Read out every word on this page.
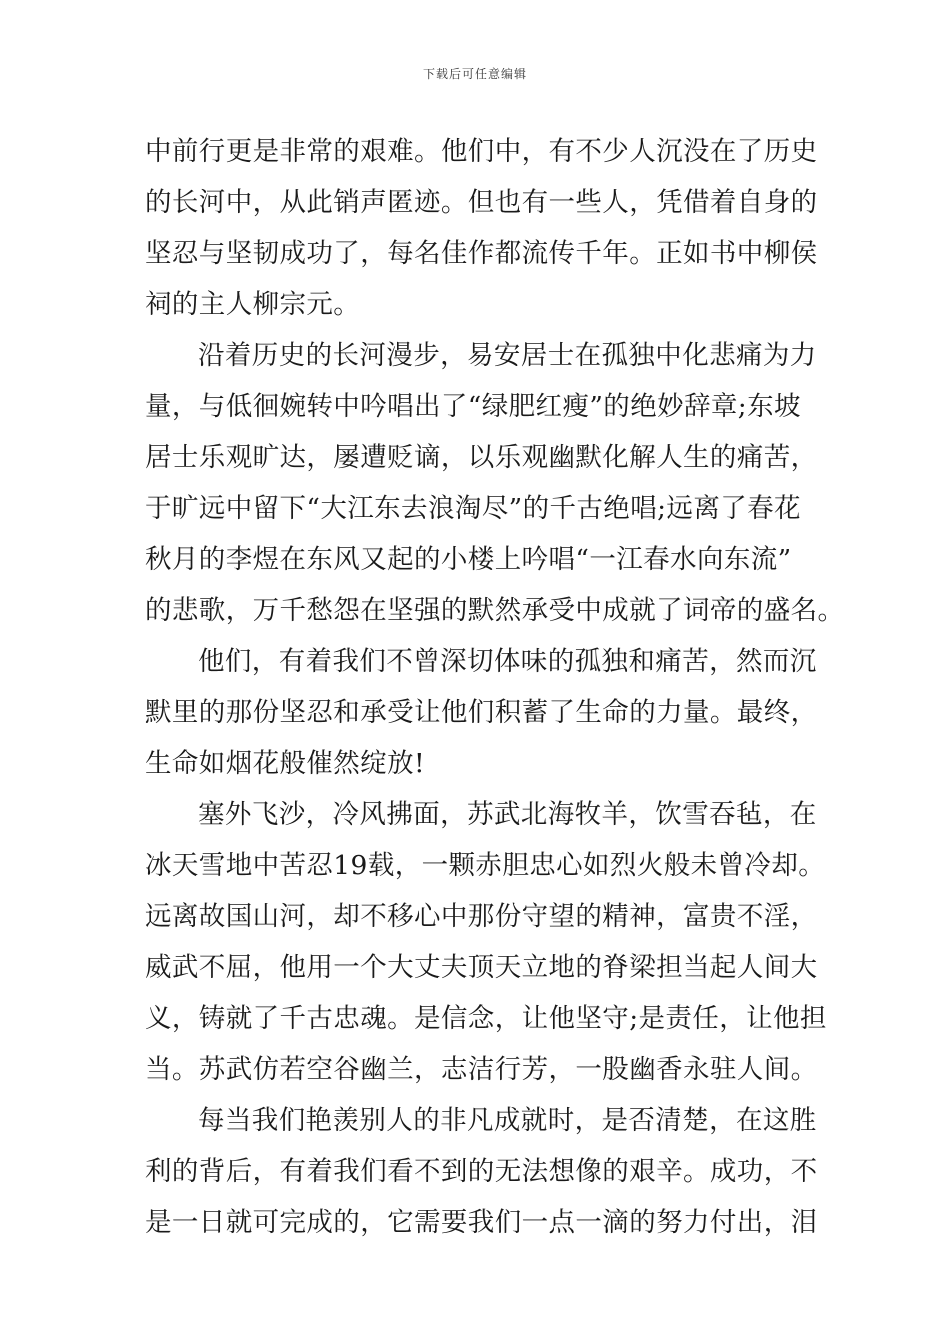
下载后可任意编辑
中前行更是非常的艰难。他们中，有不少人沉没在了历史
的长河中，从此销声匿迹。但也有一些人，凭借着自身的
坚忍与坚韧成功了，每名佳作都流传千年。正如书中柳侯
祠的主人柳宗元。
沿着历史的长河漫步，易安居士在孤独中化悲痛为力
量，与低徊婉转中吟唱出了“绿肥红瘦”的绝妙辞章;东坡
居士乐观旷达，屡遭贬谪，以乐观幽默化解人生的痛苦，
于旷远中留下“大江东去浪淘尽”的千古绝唱;远离了春花
秋月的李煜在东风又起的小楼上吟唱“一江春水向东流”
的悲歌，万千愁怨在坚强的默然承受中成就了词帝的盛名。
他们，有着我们不曾深切体味的孤独和痛苦，然而沉
默里的那份坚忍和承受让他们积蓄了生命的力量。最终，
生命如烟花般催然绽放!
塞外飞沙，冷风拂面，苏武北海牧羊，饮雪吞毡，在
冰天雪地中苦忍19载，一颗赤胆忠心如烈火般未曾冷却。
远离故国山河，却不移心中那份守望的精神，富贵不淫，
威武不屈，他用一个大丈夫顶天立地的脊梁担当起人间大
义，铸就了千古忠魂。是信念，让他坚守;是责任，让他担
当。苏武仿若空谷幽兰，志洁行芳，一股幽香永驻人间。
每当我们艳羡别人的非凡成就时，是否清楚，在这胜
利的背后，有着我们看不到的无法想像的艰辛。成功，不
是一日就可完成的，它需要我们一点一滴的努力付出，泪
